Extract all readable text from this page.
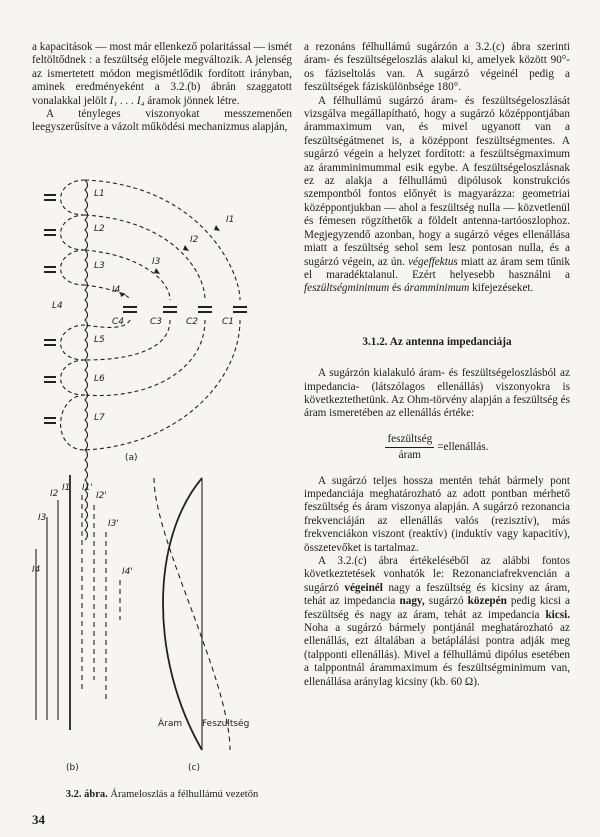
a kapacitások — most már ellenkező polaritással — ismét feltöltődnek : a feszültség előjele megváltozik. A jelenség az ismertetett módon megismétlődik fordított irányban, aminek eredményeként a 3.2.(b) ábrán szaggatott vonalakkal jelölt I₁ . . . I₄ áramok jönnek létre.

A tényleges viszonyokat messzemenően leegyszerűsítve a vázolt működési mechanizmus alapján,

L1
L2
L3
L4
L5
L6
L7
I1
I2
I3
I4
C4	C3	C2	C1
(a)
I1
I2
I3
I4
I1'
I2'
I3'
I4'
(b)
Áram Feszultség
(c)
3.2. ábra. Árameloszlás a félhullámú vezetőn
34

a rezonáns félhullámú sugárzón a 3.2.(c) ábra szerinti áram- és feszültségeloszlás alakul ki, amelyek között 90°-os fáziseltolás van. A sugárzó végeinél pedig a feszültségek fáziskülönbsége 180°.

A félhullámú sugárzó áram- és feszültségeloszlását vizsgálva megállapítható, hogy a sugárzó középpontjában árammaximum van, és mivel ugyanott van a feszültségátmenet is, a középpont feszültségmentes. A sugárzó végein a helyzet fordított: a feszültségmaximum az áramminimummal esik egybe. A feszültségeloszlásnak ez az alakja a félhullámú dipólusok konstrukciós szempontból fontos előnyét is magyarázza: geometriai középpontjukban — ahol a feszültség nulla — közvetlenül és fémesen rögzíthetők a földelt antenna-tartóoszlophoz. Megjegyzendő azonban, hogy a sugárzó véges ellenállása miatt a feszültség sehol sem lesz pontosan nulla, és a sugárzó végein, az ún. végeffektus miatt az áram sem tűnik el maradéktalanul. Ezért helyesebb használni a feszültségminimum és áramminimum kifejezéseket.

3.1.2. Az antenna impedanciája

A sugárzón kialakuló áram- és feszültségeloszlásból az impedancia- (látszólagos ellenállás) viszonyokra is következtethetünk. Az Ohm-törvény alapján a feszültség és áram ismeretében az ellenállás értéke:

$\frac{\text{feszültség}}{\text{áram}}$ =ellenállás.

A sugárzó teljes hossza mentén tehát bármely pont impedanciája meghatározható az adott pontban mérhető feszültség és áram viszonya alapján. A sugárzó rezonancia frekvenciáján az ellenállás valós (rezisztív), más frekvenciákon viszont (reaktív) (induktív vagy kapacitív), összetevőket is tartalmaz.

A 3.2.(c) ábra értékeléséből az alábbi fontos következtetések vonhatók le: Rezonanciafrekvencián a sugárzó végeinél nagy a feszültség és kicsiny az áram, tehát az impedancia nagy, sugárzó közepén pedig kicsi a feszültség és nagy az áram, tehát az impedancia kicsi. Noha a sugárzó bármely pontjánál meghatározható az ellenállás, ezt általában a betáplálási pontra adják meg (talpponti ellenállás). Mivel a félhullámú dipólus esetében a talppontnál árammaximum és feszültségminimum van, ellenállása aránylag kicsiny (kb. 60 Ω).
